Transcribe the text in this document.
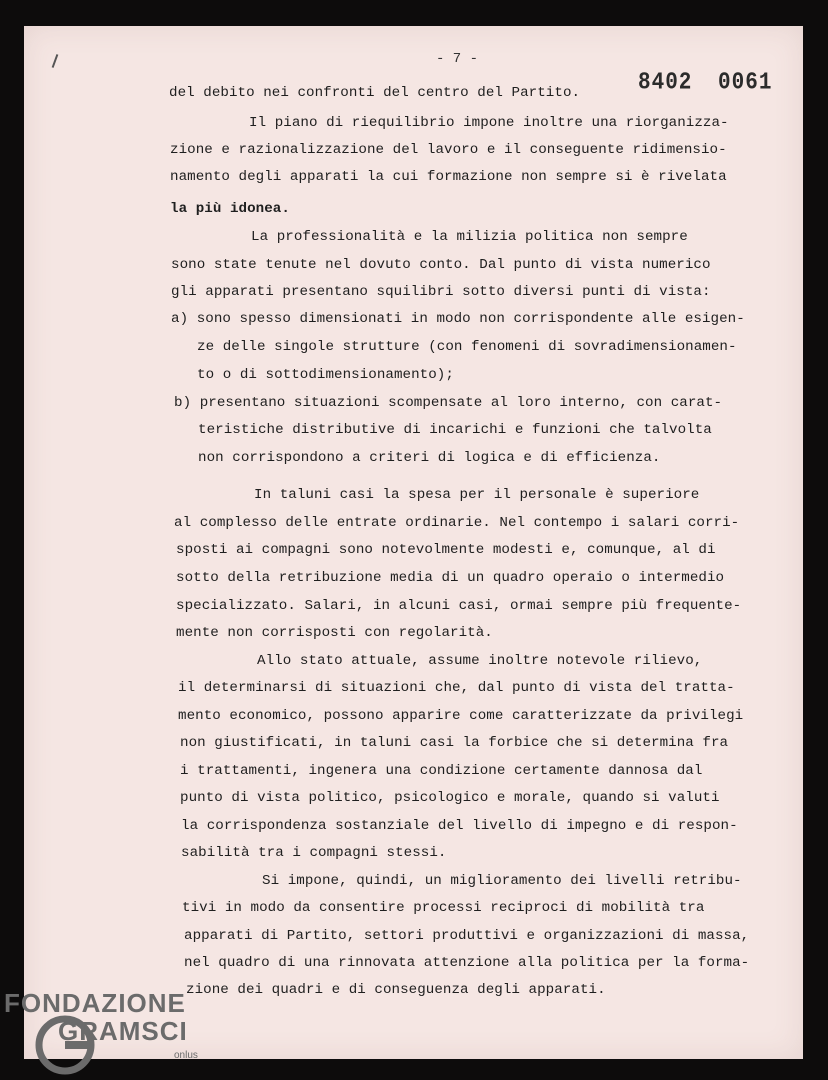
- 7 -
8402 0061
del debito nei confronti del centro del Partito.
Il piano di riequilibrio impone inoltre una riorganizza-
zione e razionalizzazione del lavoro e il conseguente ridimensio-
namento degli apparati la cui formazione non sempre si è rivelata
la più idonea.
La professionalità e la milizia politica non sempre
sono state tenute nel dovuto conto. Dal punto di vista numerico
gli apparati presentano squilibri sotto diversi punti di vista:
a) sono spesso dimensionati in modo non corrispondente alle esigen-
ze delle singole strutture (con fenomeni di sovradimensionamen-
to o di sottodimensionamento);
b) presentano situazioni scompensate al loro interno, con carat-
teristiche distributive di incarichi e funzioni che talvolta
non corrispondono a criteri di logica e di efficienza.
In taluni casi la spesa per il personale è superiore
al complesso delle entrate ordinarie. Nel contempo i salari corri-
sposti ai compagni sono notevolmente modesti e, comunque, al di
sotto della retribuzione media di un quadro operaio o intermedio
specializzato. Salari, in alcuni casi, ormai sempre più frequente-
mente non corrisposti con regolarità.
Allo stato attuale, assume inoltre notevole rilievo,
il determinarsi di situazioni che, dal punto di vista del tratta-
mento economico, possono apparire come caratterizzate da privilegi
non giustificati, in taluni casi la forbice che si determina fra
i trattamenti, ingenera una condizione certamente dannosa dal
punto di vista politico, psicologico e morale, quando si valuti
la corrispondenza sostanziale del livello di impegno e di respon-
sabilità tra i compagni stessi.
Si impone, quindi, un miglioramento dei livelli retribu-
tivi in modo da consentire processi reciproci di mobilità tra
apparati di Partito, settori produttivi e organizzazioni di massa,
nel quadro di una rinnovata attenzione alla politica per la forma-
zione dei quadri e di conseguenza degli apparati.
FONDAZIONE
GRAMSCI
onlus
